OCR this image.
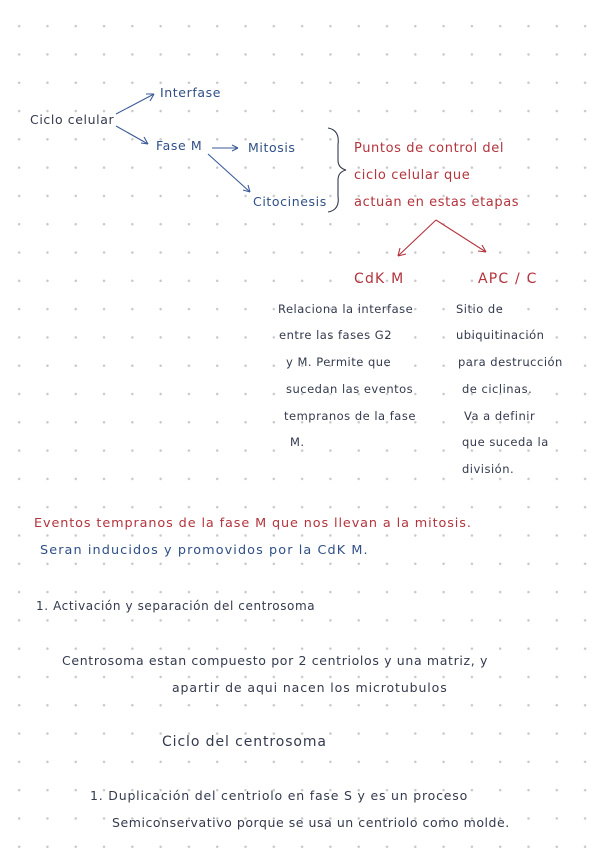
Ciclo celular
Interfase
Fase M	Mitosis
Citocinesis
Puntos de control del
ciclo celular que
actuan en estas etapas
CdK M
Relaciona la interfase
entre las fases G2
y M. Permite que
sucedan las eventos
tempranos de la fase
M.
APC / C
Sitio de
ubiquitinación
para destrucción
de ciclinas.
Va a definir
que suceda la
división.
Eventos tempranos de la fase M que nos llevan a la mitosis.
Seran inducidos y promovidos por la CdK M.
1. Activación y separación del centrosoma
Centrosoma estan compuesto por 2 centriolos y una matriz, y
apartir de aqui nacen los microtubulos
Ciclo del centrosoma
1. Duplicación del centriolo en fase S y es un proceso
Semiconservativo porque se usa un centriolo como molde.
